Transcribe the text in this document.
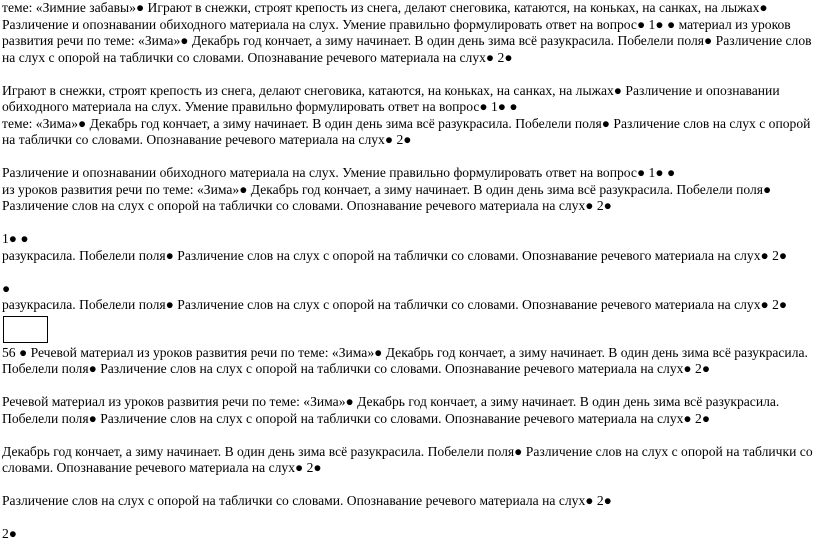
теме: «Зимние забавы»● Играют в снежки, строят крепость из снега, делают снеговика, катаются, на коньках, на санках, на лыжах● Различение и опознавании обиходного материала на слух. Умение правильно формулировать ответ на вопрос● 1● ● материал из уроков развития речи по теме: «Зима»● Декабрь год кончает, а зиму начинает. В один день зима всё разукрасила. Побелели поля● Различение слов на слух с опорой на таблички со словами. Опознавание речевого материала на слух● 2●

Играют в снежки, строят крепость из снега, делают снеговика, катаются, на коньках, на санках, на лыжах● Различение и опознавании обиходного материала на слух. Умение правильно формулировать ответ на вопрос● 1● ●
теме: «Зима»● Декабрь год кончает, а зиму начинает. В один день зима всё разукрасила. Побелели поля● Различение слов на слух с опорой на таблички со словами. Опознавание речевого материала на слух● 2●

Различение и опознавании обиходного материала на слух. Умение правильно формулировать ответ на вопрос● 1● ●
из уроков развития речи по теме: «Зима»● Декабрь год кончает, а зиму начинает. В один день зима всё разукрасила. Побелели поля● Различение слов на слух с опорой на таблички со словами. Опознавание речевого материала на слух● 2●

1● ●
разукрасила. Побелели поля● Различение слов на слух с опорой на таблички со словами. Опознавание речевого материала на слух● 2●

●
разукрасила. Побелели поля● Различение слов на слух с опорой на таблички со словами. Опознавание речевого материала на слух● 2●

56 ● Речевой материал из уроков развития речи по теме: «Зима»● Декабрь год кончает, а зиму начинает. В один день зима всё разукрасила. Побелели поля● Различение слов на слух с опорой на таблички со словами. Опознавание речевого материала на слух● 2●

Речевой материал из уроков развития речи по теме: «Зима»● Декабрь год кончает, а зиму начинает. В один день зима всё разукрасила. Побелели поля● Различение слов на слух с опорой на таблички со словами. Опознавание речевого материала на слух● 2●

Декабрь год кончает, а зиму начинает. В один день зима всё разукрасила. Побелели поля● Различение слов на слух с опорой на таблички со словами. Опознавание речевого материала на слух● 2●

Различение слов на слух с опорой на таблички со словами. Опознавание речевого материала на слух● 2●

2●
